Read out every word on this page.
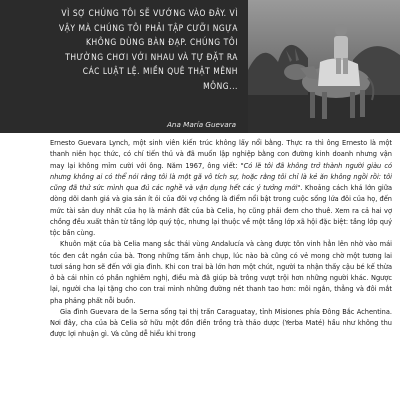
VÌ SỢ CHÚNG TÔI SẼ VƯỚNG VÀO ĐÂY. VÌ VẬY MÀ CHÚNG TÔI PHẢI TẬP CƯỠI NGỰA KHÔNG DÙNG BÀN ĐẠP. CHÚNG TÔI THƯỜNG CHƠI VỚI NHAU VÀ TỰ ĐẶT RA CÁC LUẬT LỆ. MIỀN QUÊ THẬT MÊNH MÔNG...
Ana María Guevara

Ernesto Guevara Lynch, một sinh viên kiến trúc không lấy nổi bằng. Thực ra thì ông Ernesto là một thanh niên học thức, có chí tiến thủ và đã muốn lập nghiệp bằng con đường kinh doanh nhưng vận may lại không mỉm cười với ông. Năm 1967, ông viết: "Có lẽ tôi đã không trở thành người giàu có nhưng không ai có thể nói rằng tôi là một gã vô tích sự, hoặc rằng tôi chỉ là kẻ ăn không ngồi rồi: tôi cũng đã thử sức mình qua đủ các nghề và vận dụng hết các ý tưởng mới". Khoảng cách khá lớn giữa dòng dõi danh giá và gia sản ít ỏi của đôi vợ chồng là điểm nổi bật trong cuộc sống lứa đôi của họ, đến mức tài sản duy nhất của họ là mảnh đất của bà Celia, họ cũng phải đem cho thuê. Xem ra cả hai vợ chồng đều xuất thân từ tầng lớp quý tộc, nhưng lại thuộc về một tầng lớp xã hội đặc biệt: tầng lớp quý tộc bần cùng.

Khuôn mặt của bà Celia mang sắc thái vùng Andalucía và càng được tôn vinh hẳn lên nhờ vào mái tóc đen cắt ngắn của bà. Trong những tấm ảnh chụp, lúc nào bà cũng có vẻ mong chờ một tương lai tươi sáng hơn sẽ đến với gia đình. Khi con trai bà lớn hơn một chút, người ta nhận thấy cậu bé kế thừa ở bà cái nhìn có phần nghiêm nghị, điều mà đã giúp bà trông vượt trội hơn những người khác. Ngược lại, người cha lại tặng cho con trai mình những đường nét thanh tao hơn: môi ngắn, thẳng và đôi mắt pha phảng phất nỗi buồn.

Gia đình Guevara de la Serna sống tại thị trấn Caraguatay, tỉnh Misiones phía Đông Bắc Achentina. Nơi đây, cha của bà Celia sở hữu một đồn điền trồng trà thảo dược (Yerba Maté) hầu như không thu được lợi nhuận gì. Và cũng dễ hiểu khi trong
